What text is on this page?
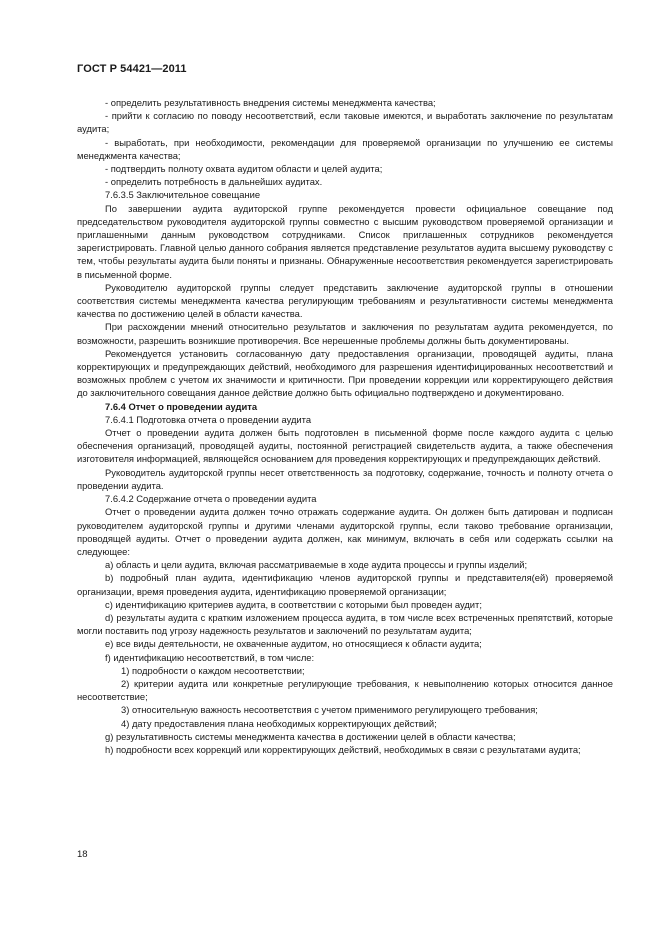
ГОСТ Р 54421—2011

- определить результативность внедрения системы менеджмента качества;

- прийти к согласию по поводу несоответствий, если таковые имеются, и выработать заключение по результатам аудита;

- выработать, при необходимости, рекомендации для проверяемой организации по улучшению ее системы менеджмента качества;

- подтвердить полноту охвата аудитом области и целей аудита;

- определить потребность в дальнейших аудитах.

7.6.3.5 Заключительное совещание

По завершении аудита аудиторской группе рекомендуется провести официальное совещание под председательством руководителя аудиторской группы совместно с высшим руководством проверяемой организации и приглашенными данным руководством сотрудниками. Список приглашенных сотрудников рекомендуется зарегистрировать. Главной целью данного собрания является представление результатов аудита высшему руководству с тем, чтобы результаты аудита были поняты и признаны. Обнаруженные несоответствия рекомендуется зарегистрировать в письменной форме.

Руководителю аудиторской группы следует представить заключение аудиторской группы в отношении соответствия системы менеджмента качества регулирующим требованиям и результативности системы менеджмента качества по достижению целей в области качества.

При расхождении мнений относительно результатов и заключения по результатам аудита рекомендуется, по возможности, разрешить возникшие противоречия. Все нерешенные проблемы должны быть документированы.

Рекомендуется установить согласованную дату предоставления организации, проводящей аудиты, плана корректирующих и предупреждающих действий, необходимого для разрешения идентифицированных несоответствий и возможных проблем с учетом их значимости и критичности. При проведении коррекции или корректирующего действия до заключительного совещания данное действие должно быть официально подтверждено и документировано.

7.6.4 Отчет о проведении аудита

7.6.4.1 Подготовка отчета о проведении аудита

Отчет о проведении аудита должен быть подготовлен в письменной форме после каждого аудита с целью обеспечения организаций, проводящей аудиты, постоянной регистрацией свидетельств аудита, а также обеспечения изготовителя информацией, являющейся основанием для проведения корректирующих и предупреждающих действий.

Руководитель аудиторской группы несет ответственность за подготовку, содержание, точность и полноту отчета о проведении аудита.

7.6.4.2 Содержание отчета о проведении аудита

Отчет о проведении аудита должен точно отражать содержание аудита. Он должен быть датирован и подписан руководителем аудиторской группы и другими членами аудиторской группы, если таково требование организации, проводящей аудиты. Отчет о проведении аудита должен, как минимум, включать в себя или содержать ссылки на следующее:

a) область и цели аудита, включая рассматриваемые в ходе аудита процессы и группы изделий;

b) подробный план аудита, идентификацию членов аудиторской группы и представителя(ей) проверяемой организации, время проведения аудита, идентификацию проверяемой организации;

c) идентификацию критериев аудита, в соответствии с которыми был проведен аудит;

d) результаты аудита с кратким изложением процесса аудита, в том числе всех встреченных препятствий, которые могли поставить под угрозу надежность результатов и заключений по результатам аудита;

e) все виды деятельности, не охваченные аудитом, но относящиеся к области аудита;

f) идентификацию несоответствий, в том числе:

1) подробности о каждом несоответствии;

2) критерии аудита или конкретные регулирующие требования, к невыполнению которых относится данное несоответствие;

3) относительную важность несоответствия с учетом применимого регулирующего требования;

4) дату предоставления плана необходимых корректирующих действий;

g) результативность системы менеджмента качества в достижении целей в области качества;

h) подробности всех коррекций или корректирующих действий, необходимых в связи с результатами аудита;

18
